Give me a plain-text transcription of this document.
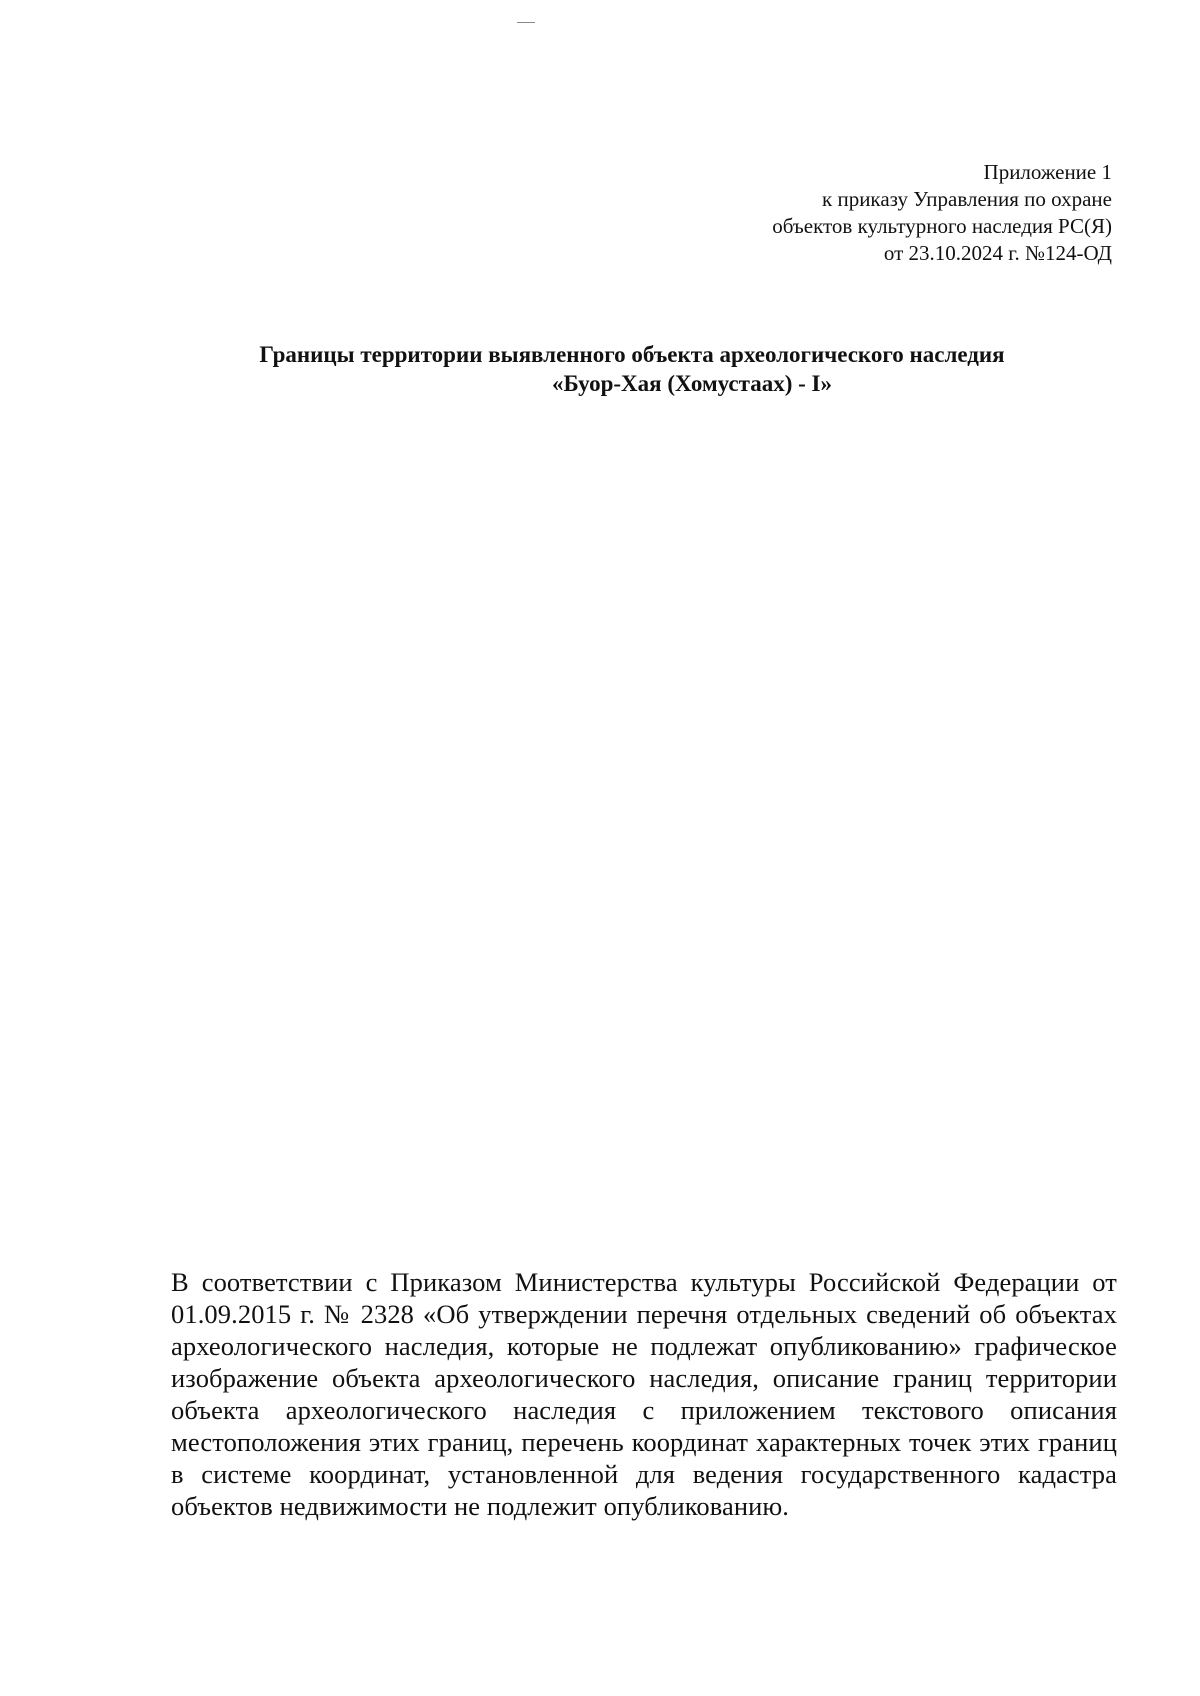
Приложение 1
к приказу Управления по охране
объектов культурного наследия РС(Я)
от 23.10.2024 г. №124-ОД
Границы территории выявленного объекта археологического наследия
«Буор-Хая (Хомустаах) - I»
В соответствии с Приказом Министерства культуры Российской Федерации от 01.09.2015 г. № 2328 «Об утверждении перечня отдельных сведений об объектах археологического наследия, которые не подлежат опубликованию» графическое изображение объекта археологического наследия, описание границ территории объекта археологического наследия с приложением текстового описания местоположения этих границ, перечень координат характерных точек этих границ в системе координат, установленной для ведения государственного кадастра объектов недвижимости не подлежит опубликованию.
